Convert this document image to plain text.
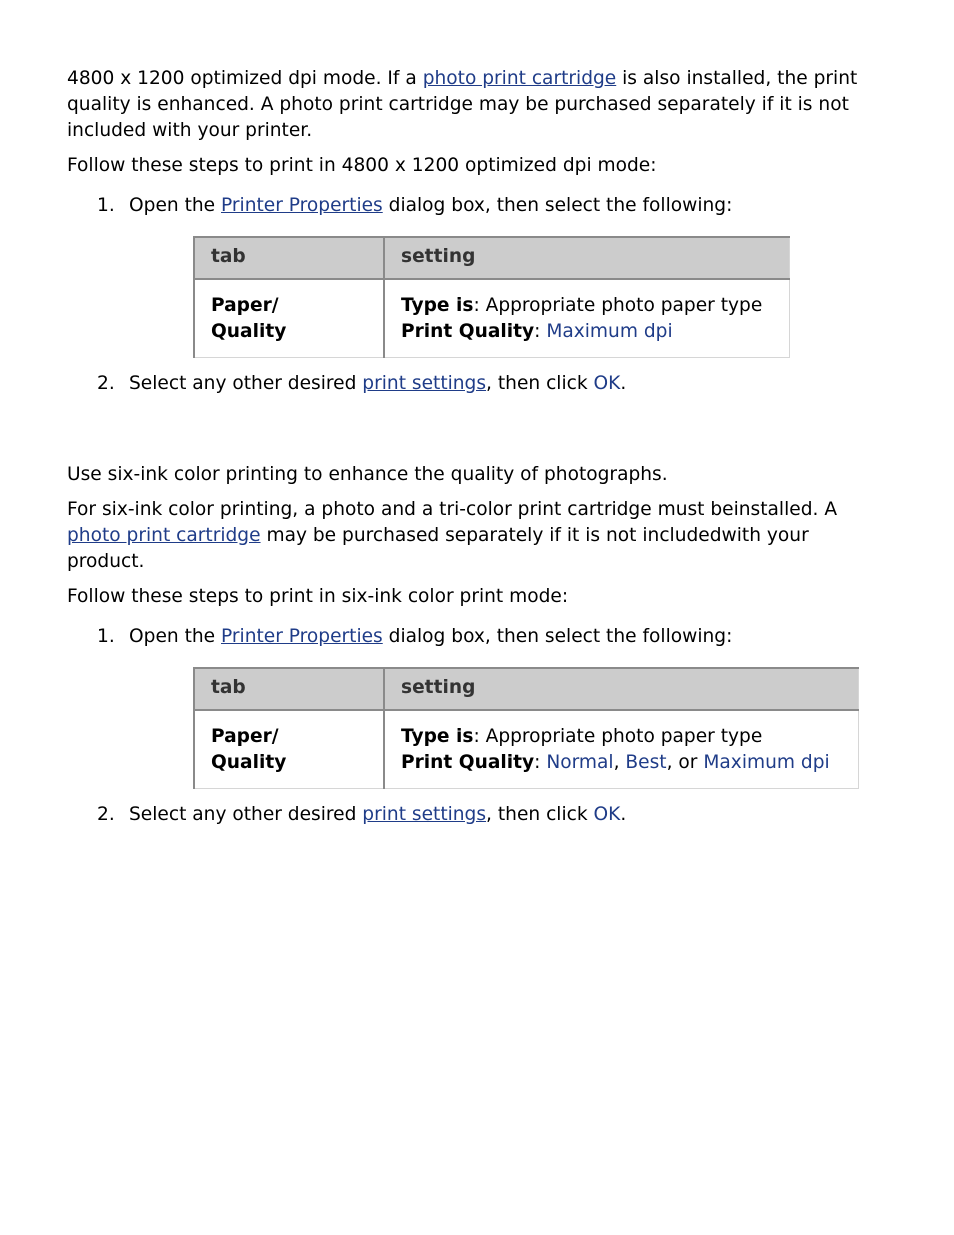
4800 x 1200 optimized dpi mode. If a photo print cartridge is also installed, the print quality is enhanced. A photo print cartridge may be purchased separately if it is not included with your printer.

Follow these steps to print in 4800 x 1200 optimized dpi mode:

1. Open the Printer Properties dialog box, then select the following:
tab	setting
Paper/
Quality	Type is: Appropriate photo paper type
Print Quality: Maximum dpi
2. Select any other desired print settings, then click OK.

Use six-ink color printing to enhance the quality of photographs.

For six-ink color printing, a photo and a tri-color print cartridge must beinstalled. A photo print cartridge may be purchased separately if it is not includedwith your product.

Follow these steps to print in six-ink color print mode:

1. Open the Printer Properties dialog box, then select the following:
tab	setting
Paper/
Quality	Type is: Appropriate photo paper type
Print Quality: Normal, Best, or Maximum dpi
2. Select any other desired print settings, then click OK.
